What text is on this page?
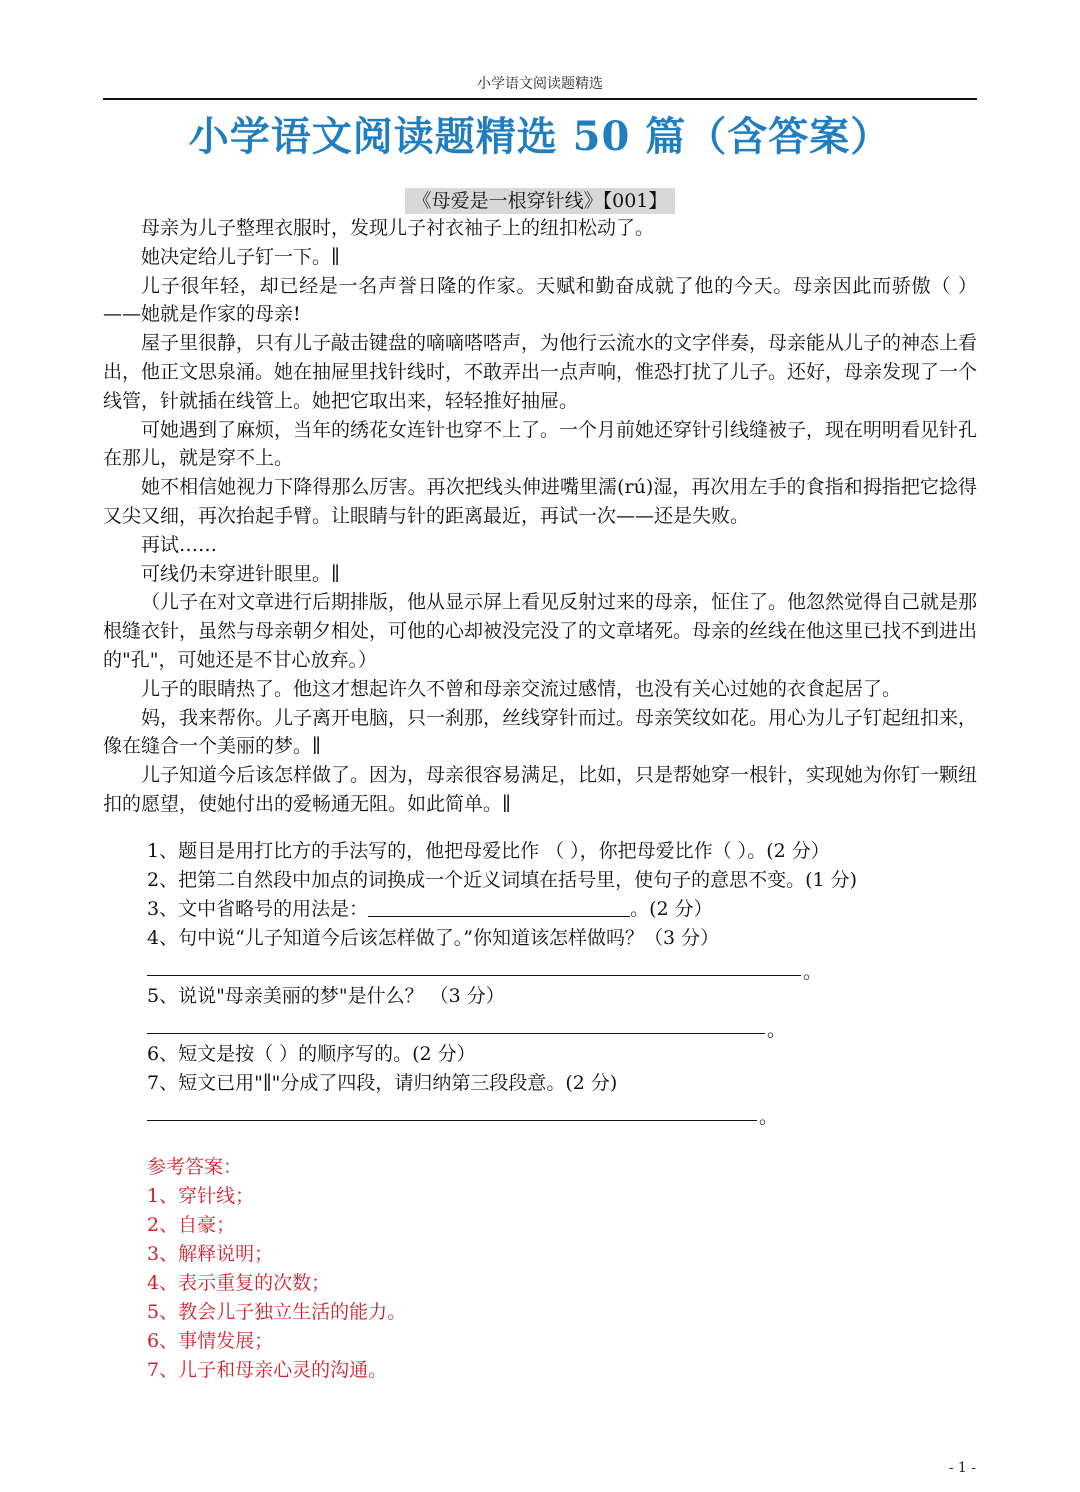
小学语文阅读题精选
小学语文阅读题精选 50 篇（含答案）
《母爱是一根穿针线》【001】

母亲为儿子整理衣服时，发现儿子衬衣袖子上的纽扣松动了。

她决定给儿子钉一下。∥

儿子很年轻，却已经是一名声誉日隆的作家。天赋和勤奋成就了他的今天。母亲因此而骄傲（ ）——她就是作家的母亲!

屋子里很静，只有儿子敲击键盘的嘀嘀嗒嗒声，为他行云流水的文字伴奏，母亲能从儿子的神态上看出，他正文思泉涌。她在抽屉里找针线时，不敢弄出一点声响，惟恐打扰了儿子。还好，母亲发现了一个线管，针就插在线管上。她把它取出来，轻轻推好抽屉。

可她遇到了麻烦，当年的绣花女连针也穿不上了。一个月前她还穿针引线缝被子，现在明明看见针孔在那儿，就是穿不上。

她不相信她视力下降得那么厉害。再次把线头伸进嘴里濡(rú)湿，再次用左手的食指和拇指把它捻得又尖又细，再次抬起手臂。让眼睛与针的距离最近，再试一次——还是失败。

再试……

可线仍未穿进针眼里。∥

（儿子在对文章进行后期排版，他从显示屏上看见反射过来的母亲，怔住了。他忽然觉得自己就是那根缝衣针，虽然与母亲朝夕相处，可他的心却被没完没了的文章堵死。母亲的丝线在他这里已找不到进出的"孔"，可她还是不甘心放弃。）

儿子的眼睛热了。他这才想起许久不曾和母亲交流过感情，也没有关心过她的衣食起居了。

妈，我来帮你。儿子离开电脑，只一刹那，丝线穿针而过。母亲笑纹如花。用心为儿子钉起纽扣来，像在缝合一个美丽的梦。∥

儿子知道今后该怎样做了。因为，母亲很容易满足，比如，只是帮她穿一根针，实现她为你钉一颗纽扣的愿望，使她付出的爱畅通无阻。如此简单。∥

1、题目是用打比方的手法写的，他把母爱比作 （ ），你把母爱比作（ ）。(2 分）
2、把第二自然段中加点的词换成一个近义词填在括号里，使句子的意思不变。(1 分)
3、文中省略号的用法是：	。(2 分）
4、句中说“儿子知道今后该怎样做了。”你知道该怎样做吗？（3 分）
。
5、说说"母亲美丽的梦"是什么？ （3 分）
。
6、短文是按（ ）的顺序写的。(2 分）
7、短文已用"∥"分成了四段，请归纳第三段段意。(2 分)
。
参考答案：
1、穿针线；
2、自豪；
3、解释说明；
4、表示重复的次数；
5、教会儿子独立生活的能力。
6、事情发展；
7、儿子和母亲心灵的沟通。
- 1 -
